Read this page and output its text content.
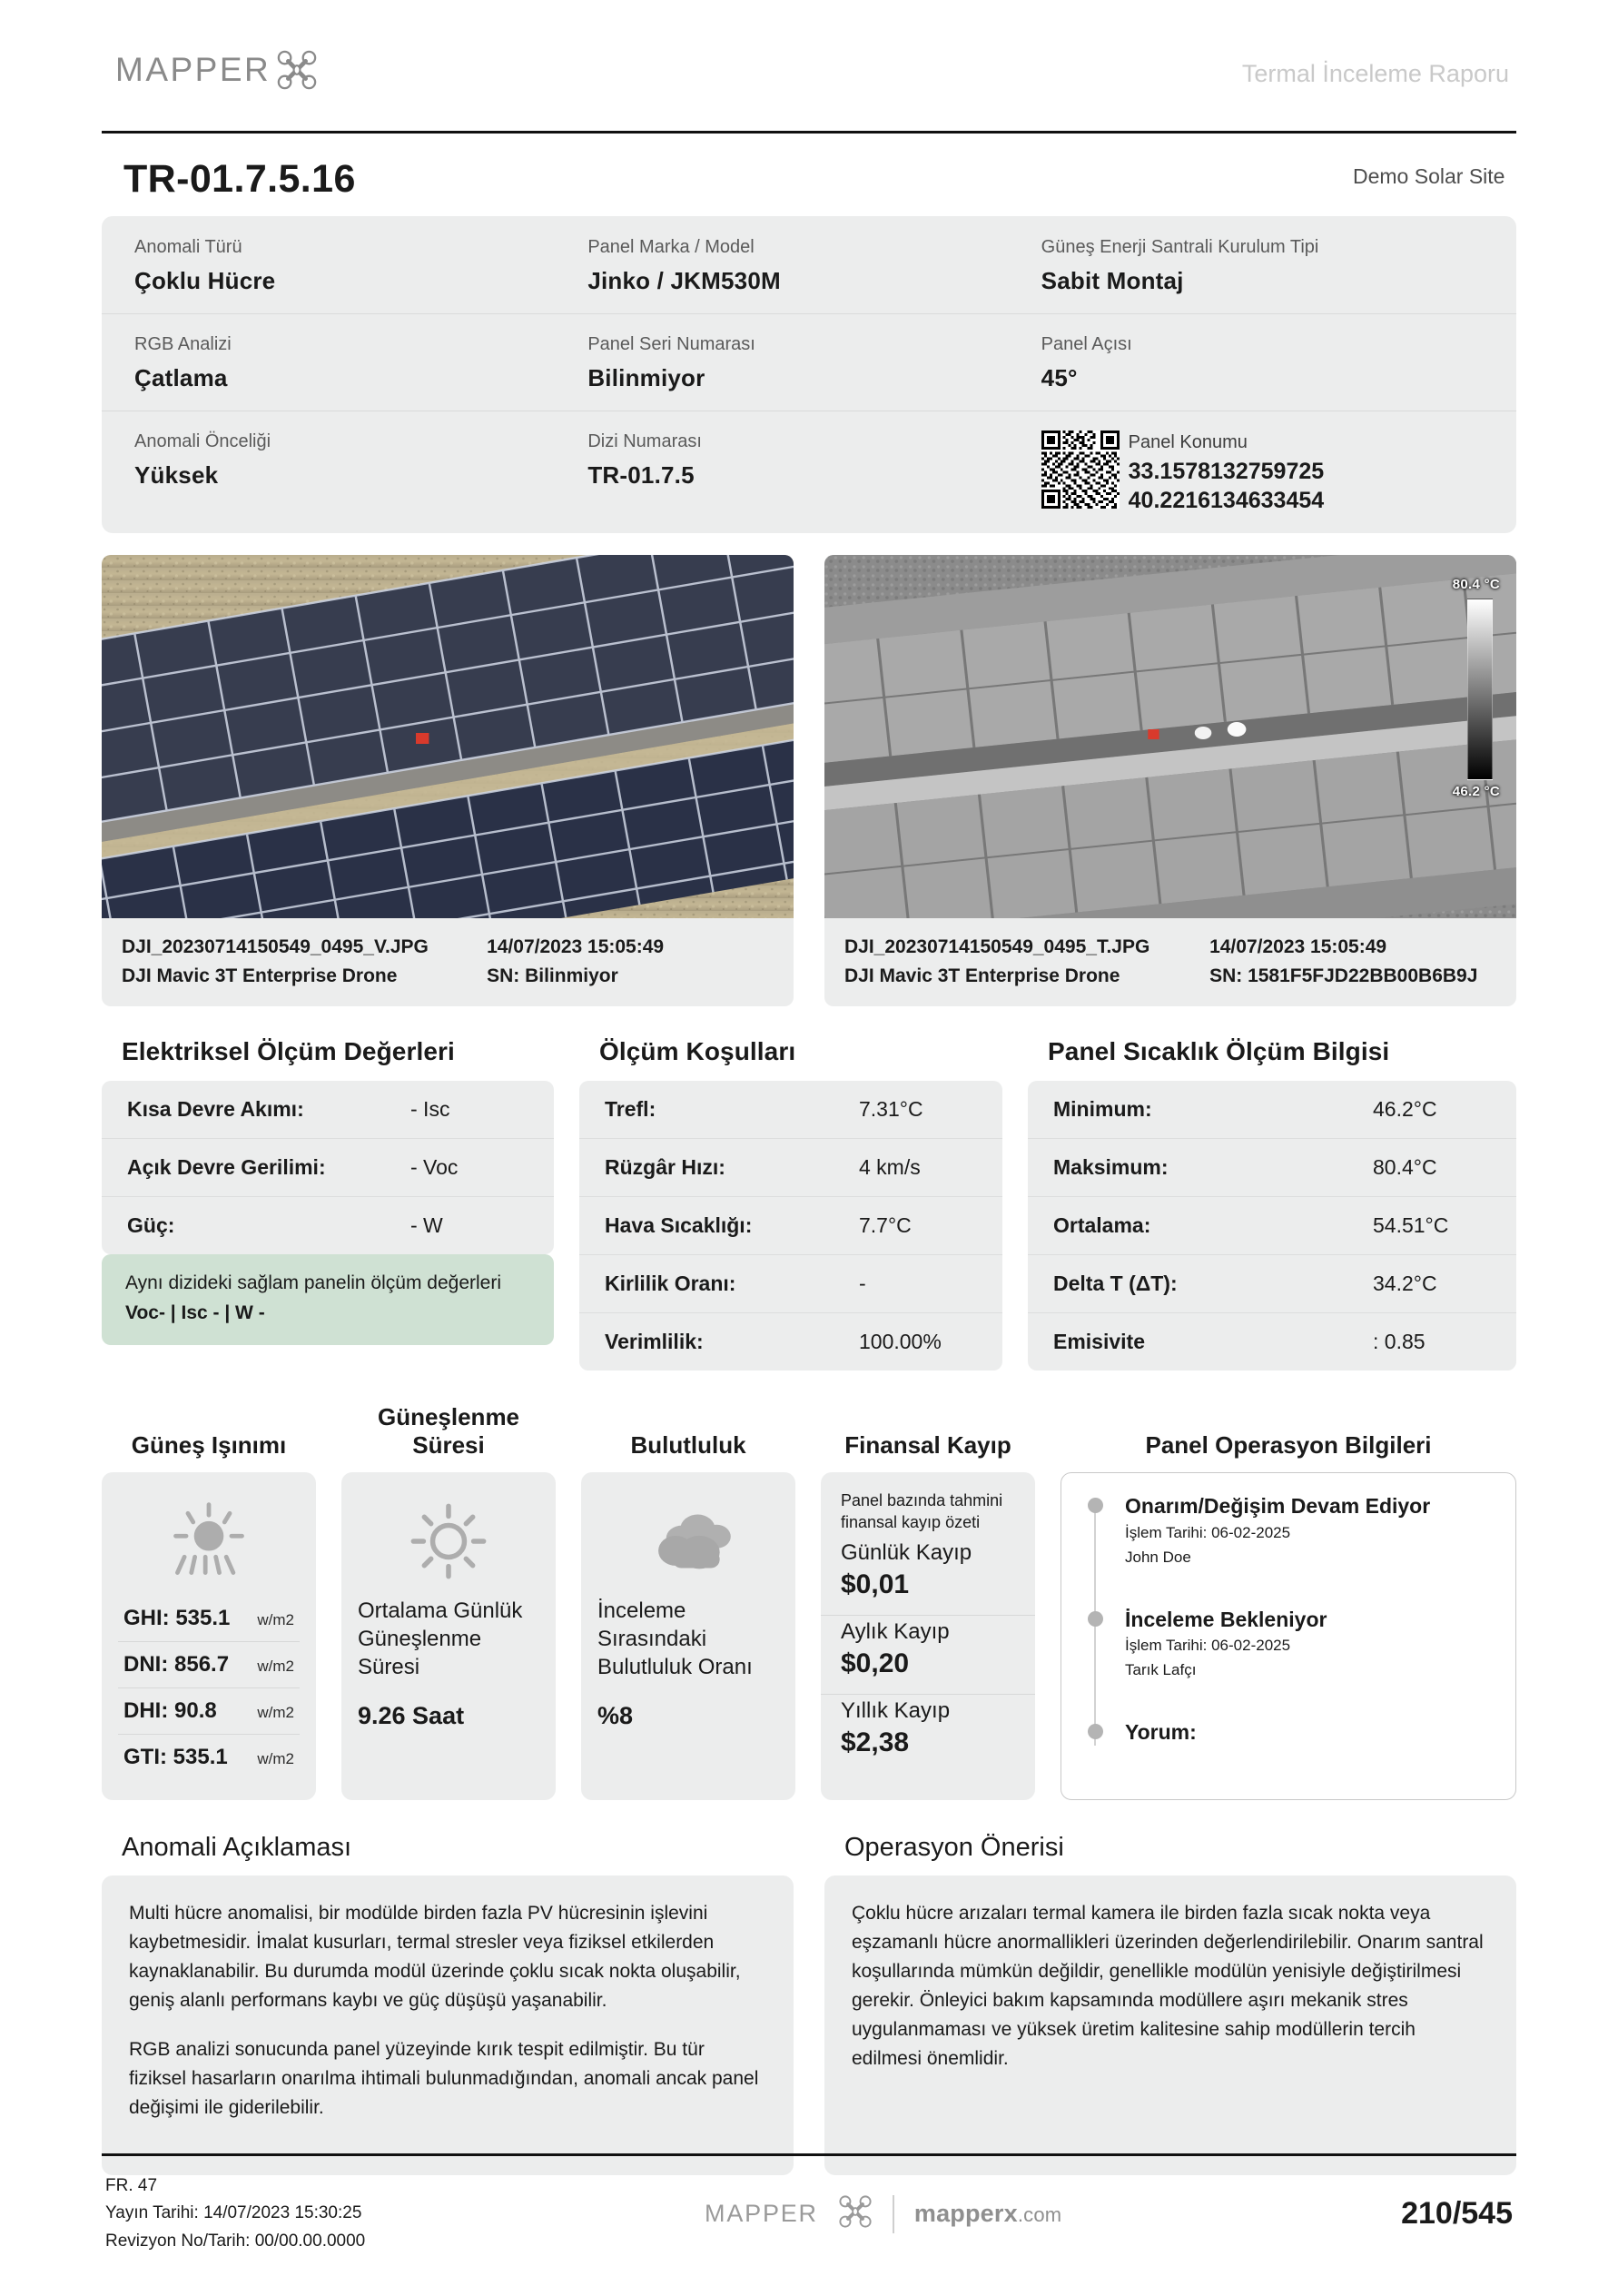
MAPPER	Termal İnceleme Raporu
TR-01.7.5.16	Demo Solar Site
Anomali Türü
Çoklu Hücre
Panel Marka / Model
Jinko / JKM530M
Güneş Enerji Santrali Kurulum Tipi
Sabit Montaj
RGB Analizi
Çatlama
Panel Seri Numarası
Bilinmiyor
Panel Açısı
45°
Anomali Önceliği
Yüksek
Dizi Numarası
TR-01.7.5
Panel Konumu
33.1578132759725
40.2216134633454
DJI_20230714150549_0495_V.JPG
DJI Mavic 3T Enterprise Drone
14/07/2023 15:05:49
SN: Bilinmiyor
80.4 °C
46.2 °C
DJI_20230714150549_0495_T.JPG
DJI Mavic 3T Enterprise Drone
14/07/2023 15:05:49
SN: 1581F5FJD22BB00B6B9J
Elektriksel Ölçüm Değerleri
Kısa Devre Akımı:	- Isc
Açık Devre Gerilimi:	- Voc
Güç:	- W
Aynı dizideki sağlam panelin ölçüm değerleri
Voc- | Isc - | W -
Ölçüm Koşulları
Trefl:	7.31°C
Rüzgâr Hızı:	4 km/s
Hava Sıcaklığı:	7.7°C
Kirlilik Oranı:	-
Verimlilik:	100.00%
Panel Sıcaklık Ölçüm Bilgisi
Minimum:	46.2°C
Maksimum:	80.4°C
Ortalama:	54.51°C
Delta T (ΔT):	34.2°C
Emisivite	: 0.85
Güneş Işınımı
Güneşlenme Süresi	Bulutluluk	Finansal Kayıp	Panel Operasyon Bilgileri
GHI: 535.1 w/m2
DNI: 856.7 w/m2
DHI: 90.8	w/m2
GTI: 535.1 w/m2
Ortalama Günlük Güneşlenme Süresi
9.26 Saat
İnceleme Sırasındaki Bulutluluk Oranı
%8
Panel bazında tahmini finansal kayıp özeti
Günlük Kayıp
$0,01
Aylık Kayıp
$0,20
Yıllık Kayıp
$2,38
Onarım/Değişim Devam Ediyor
İşlem Tarihi: 06-02-2025
John Doe
İnceleme Bekleniyor
İşlem Tarihi: 06-02-2025
Tarık Lafçı
Yorum:
Anomali Açıklaması

Multi hücre anomalisi, bir modülde birden fazla PV hücresinin işlevini kaybetmesidir. İmalat kusurları, termal stresler veya fiziksel etkilerden kaynaklanabilir. Bu durumda modül üzerinde çoklu sıcak nokta oluşabilir, geniş alanlı performans kaybı ve güç düşüşü yaşanabilir.

RGB analizi sonucunda panel yüzeyinde kırık tespit edilmiştir. Bu tür fiziksel hasarların onarılma ihtimali bulunmadığından, anomali ancak panel değişimi ile giderilebilir.

Operasyon Önerisi

Çoklu hücre arızaları termal kamera ile birden fazla sıcak nokta veya eşzamanlı hücre anormallikleri üzerinden değerlendirilebilir. Onarım santral koşullarında mümkün değildir, genellikle modülün yenisiyle değiştirilmesi gerekir. Önleyici bakım kapsamında modüllere aşırı mekanik stres uygulanmaması ve yüksek üretim kalitesine sahip modüllerin tercih edilmesi önemlidir.

FR. 47
Yayın Tarihi: 14/07/2023 15:30:25
Revizyon No/Tarih: 00/00.00.0000
MAPPER	mapperx.com	210/545
